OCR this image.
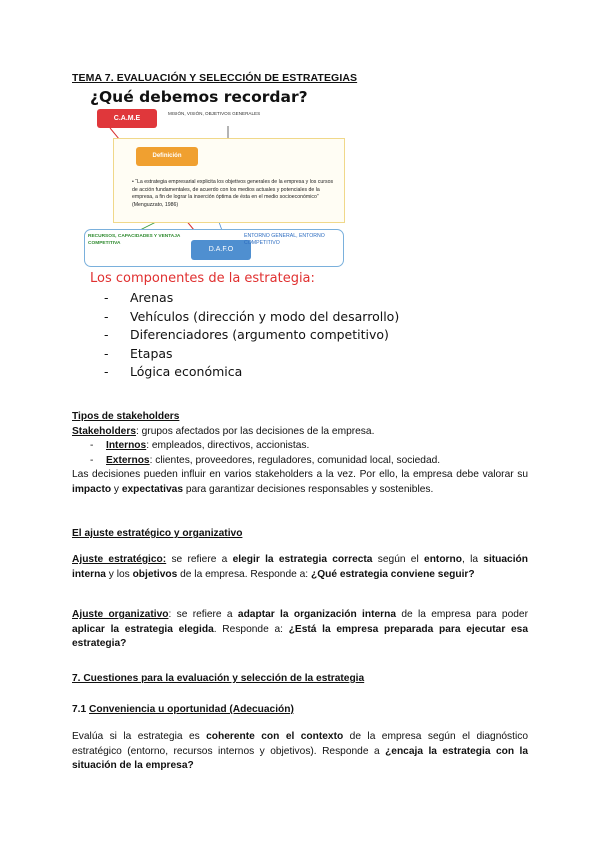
TEMA 7. EVALUACIÓN Y SELECCIÓN DE ESTRATEGIAS
¿Qué debemos recordar?
C.A.M.E
MISIÓN, VISIÓN, OBJETIVOS GENERALES
Definición
• “La estrategia empresarial explicita los objetivos generales de la empresa y los cursos de acción fundamentales, de acuerdo con los medios actuales y potenciales de la empresa, a fin de lograr la inserción óptima de ésta en el medio socioeconómico” (Menguzzato, 1986)
RECURSOS, CAPACIDADES Y VENTAJA COMPETITIVA
D.A.F.O
ENTORNO GENERAL, ENTORNO COMPETITIVO
Los componentes de la estrategia:
- Arenas
- Vehículos (dirección y modo del desarrollo)
- Diferenciadores (argumento competitivo)
- Etapas
- Lógica económica
Tipos de stakeholders
Stakeholders: grupos afectados por las decisiones de la empresa.
- Internos: empleados, directivos, accionistas.
- Externos: clientes, proveedores, reguladores, comunidad local, sociedad.
Las decisiones pueden influir en varios stakeholders a la vez. Por ello, la empresa debe valorar su impacto y expectativas para garantizar decisiones responsables y sostenibles.
El ajuste estratégico y organizativo
Ajuste estratégico: se refiere a elegir la estrategia correcta según el entorno, la situación interna y los objetivos de la empresa. Responde a: ¿Qué estrategia conviene seguir?
Ajuste organizativo: se refiere a adaptar la organización interna de la empresa para poder aplicar la estrategia elegida. Responde a: ¿Está la empresa preparada para ejecutar esa estrategia?
7. Cuestiones para la evaluación y selección de la estrategia
7.1 Conveniencia u oportunidad (Adecuación)
Evalúa si la estrategia es coherente con el contexto de la empresa según el diagnóstico estratégico (entorno, recursos internos y objetivos). Responde a ¿encaja la estrategia con la situación de la empresa?
